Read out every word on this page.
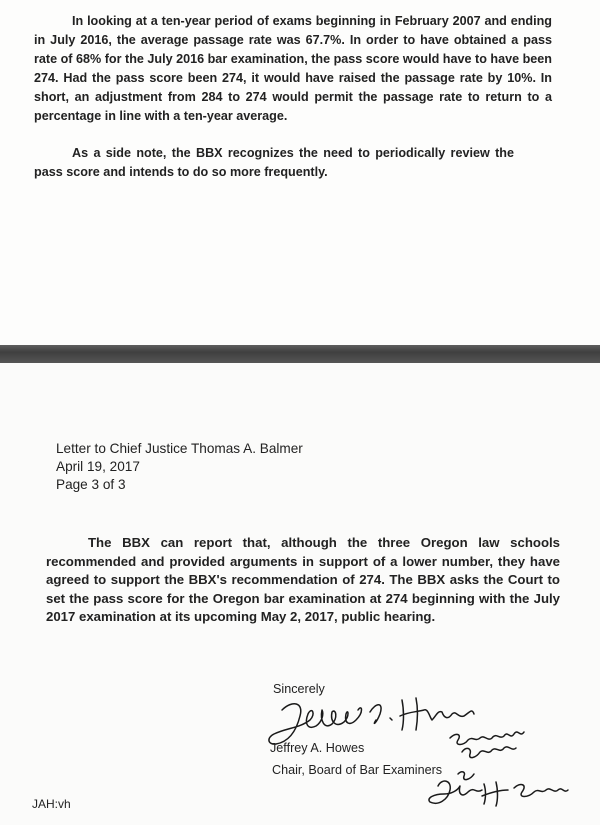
In looking at a ten-year period of exams beginning in February 2007 and ending in July 2016, the average passage rate was 67.7%. In order to have obtained a pass rate of 68% for the July 2016 bar examination, the pass score would have to have been 274. Had the pass score been 274, it would have raised the passage rate by 10%. In short, an adjustment from 284 to 274 would permit the passage rate to return to a percentage in line with a ten-year average.

As a side note, the BBX recognizes the need to periodically review the pass score and intends to do so more frequently.

Letter to Chief Justice Thomas A. Balmer

April 19, 2017

Page 3 of 3

The BBX can report that, although the three Oregon law schools recommended and provided arguments in support of a lower number, they have agreed to support the BBX's recommendation of 274. The BBX asks the Court to set the pass score for the Oregon bar examination at 274 beginning with the July 2017 examination at its upcoming May 2, 2017, public hearing.

Sincerely
Jeffrey A. Howes
Chair, Board of Bar Examiners
JAH:vh
